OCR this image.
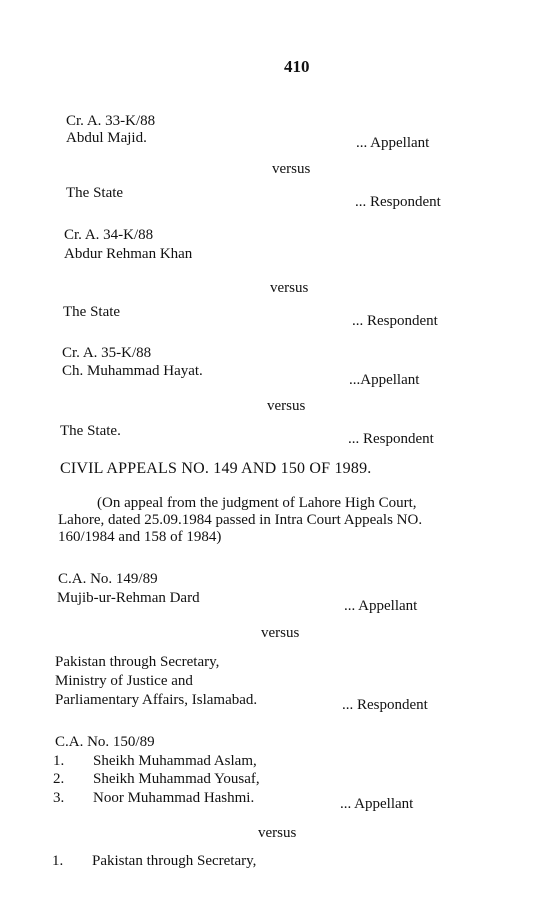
410
Cr. A. 33-K/88
Abdul Majid.	... Appellant
versus
The State
... Respondent
Cr. A. 34-K/88
Abdur Rehman Khan
versus
The State
... Respondent
Cr. A. 35-K/88
Ch. Muhammad Hayat.
...Appellant
versus
The State.	... Respondent
CIVIL APPEALS NO. 149 AND 150 OF 1989.
(On appeal from the judgment of Lahore High Court,
Lahore, dated 25.09.1984 passed in Intra Court Appeals NO.
160/1984 and 158 of 1984)
C.A. No. 149/89
Mujib-ur-Rehman Dard	... Appellant
versus
Pakistan through Secretary,
Ministry of Justice and
Parliamentary Affairs, Islamabad.	... Respondent
C.A. No. 150/89
1. Sheikh Muhammad Aslam,
2. Sheikh Muhammad Yousaf,
3. Noor Muhammad Hashmi.	... Appellant
versus
1. Pakistan through Secretary,
